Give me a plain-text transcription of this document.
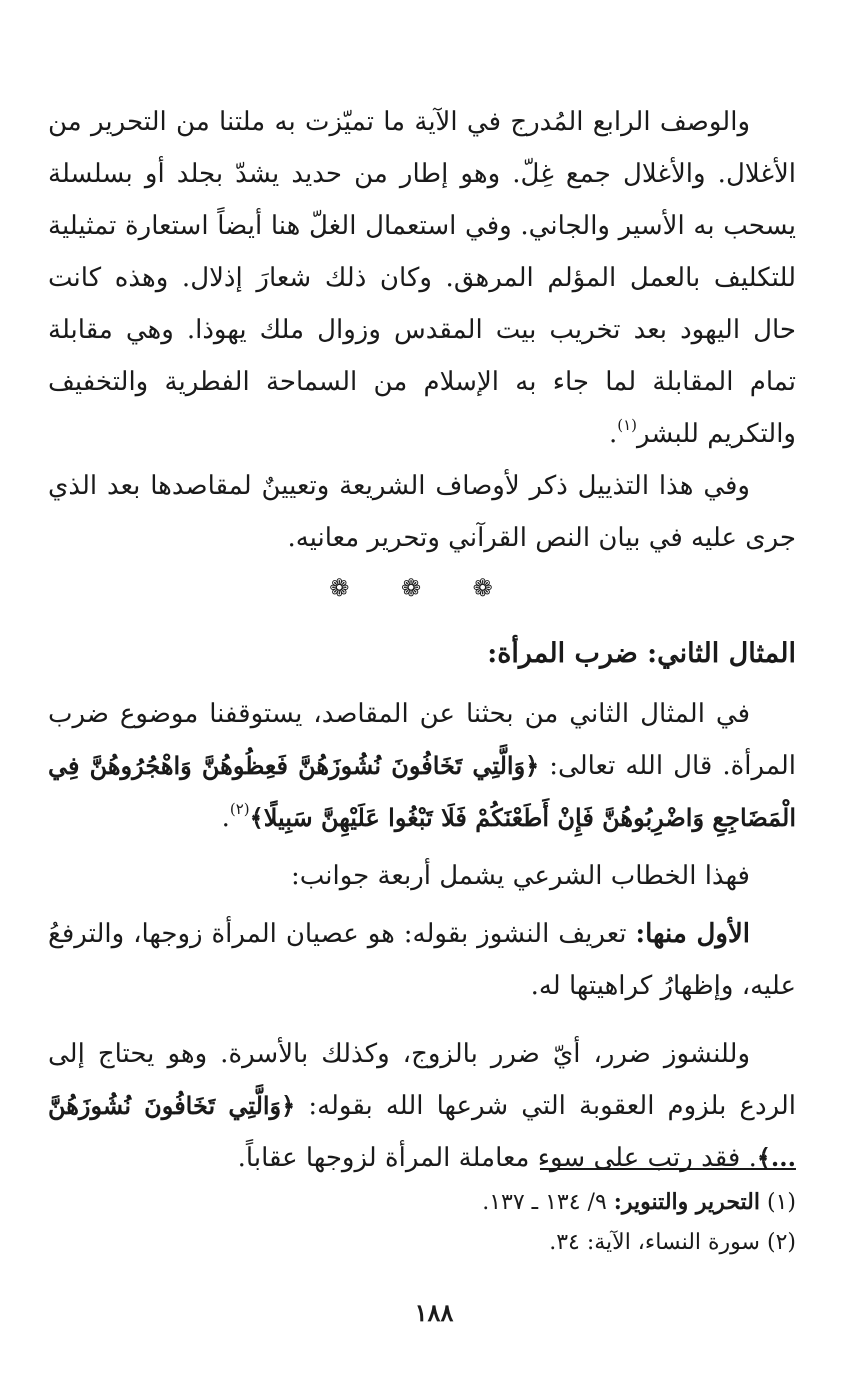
والوصف الرابع المُدرج في الآية ما تميّزت به ملتنا من التحرير من الأغلال. والأغلال جمع غِلّ. وهو إطار من حديد يشدّ بجلد أو بسلسلة يسحب به الأسير والجاني. وفي استعمال الغلّ هنا أيضاً استعارة تمثيلية للتكليف بالعمل المؤلم المرهق. وكان ذلك شعارَ إذلال. وهذه كانت حال اليهود بعد تخريب بيت المقدس وزوال ملك يهوذا. وهي مقابلة تمام المقابلة لما جاء به الإسلام من السماحة الفطرية والتخفيف والتكريم للبشر$^{(١)}$.

وفي هذا التذييل ذكر لأوصاف الشريعة وتعيينٌ لمقاصدها بعد الذي جرى عليه في بيان النص القرآني وتحرير معانيه.

❁ ❁ ❁
المثال الثاني: ضرب المرأة:

في المثال الثاني من بحثنا عن المقاصد، يستوقفنا موضوع ضرب المرأة. قال الله تعالى: ﴿وَالَّتِي تَخَافُونَ نُشُوزَهُنَّ فَعِظُوهُنَّ وَاهْجُرُوهُنَّ فِي الْمَضَاجِعِ وَاضْرِبُوهُنَّ فَإِنْ أَطَعْنَكُمْ فَلَا تَبْغُوا عَلَيْهِنَّ سَبِيلًا﴾$^{(٢)}$.

فهذا الخطاب الشرعي يشمل أربعة جوانب:

الأول منها: تعريف النشوز بقوله: هو عصيان المرأة زوجها، والترفعُ عليه، وإظهارُ كراهيتها له.

وللنشوز ضرر، أيّ ضرر بالزوج، وكذلك بالأسرة. وهو يحتاج إلى الردع بلزوم العقوبة التي شرعها الله بقوله: ﴿وَالَّتِي تَخَافُونَ نُشُوزَهُنَّ ...﴾. فقد رتب على سوء معاملة المرأة لزوجها عقاباً.

(١) التحرير والتنوير: ٩/ ١٣٤ ـ ١٣٧.

(٢) سورة النساء، الآية: ٣٤.

١٨٨
